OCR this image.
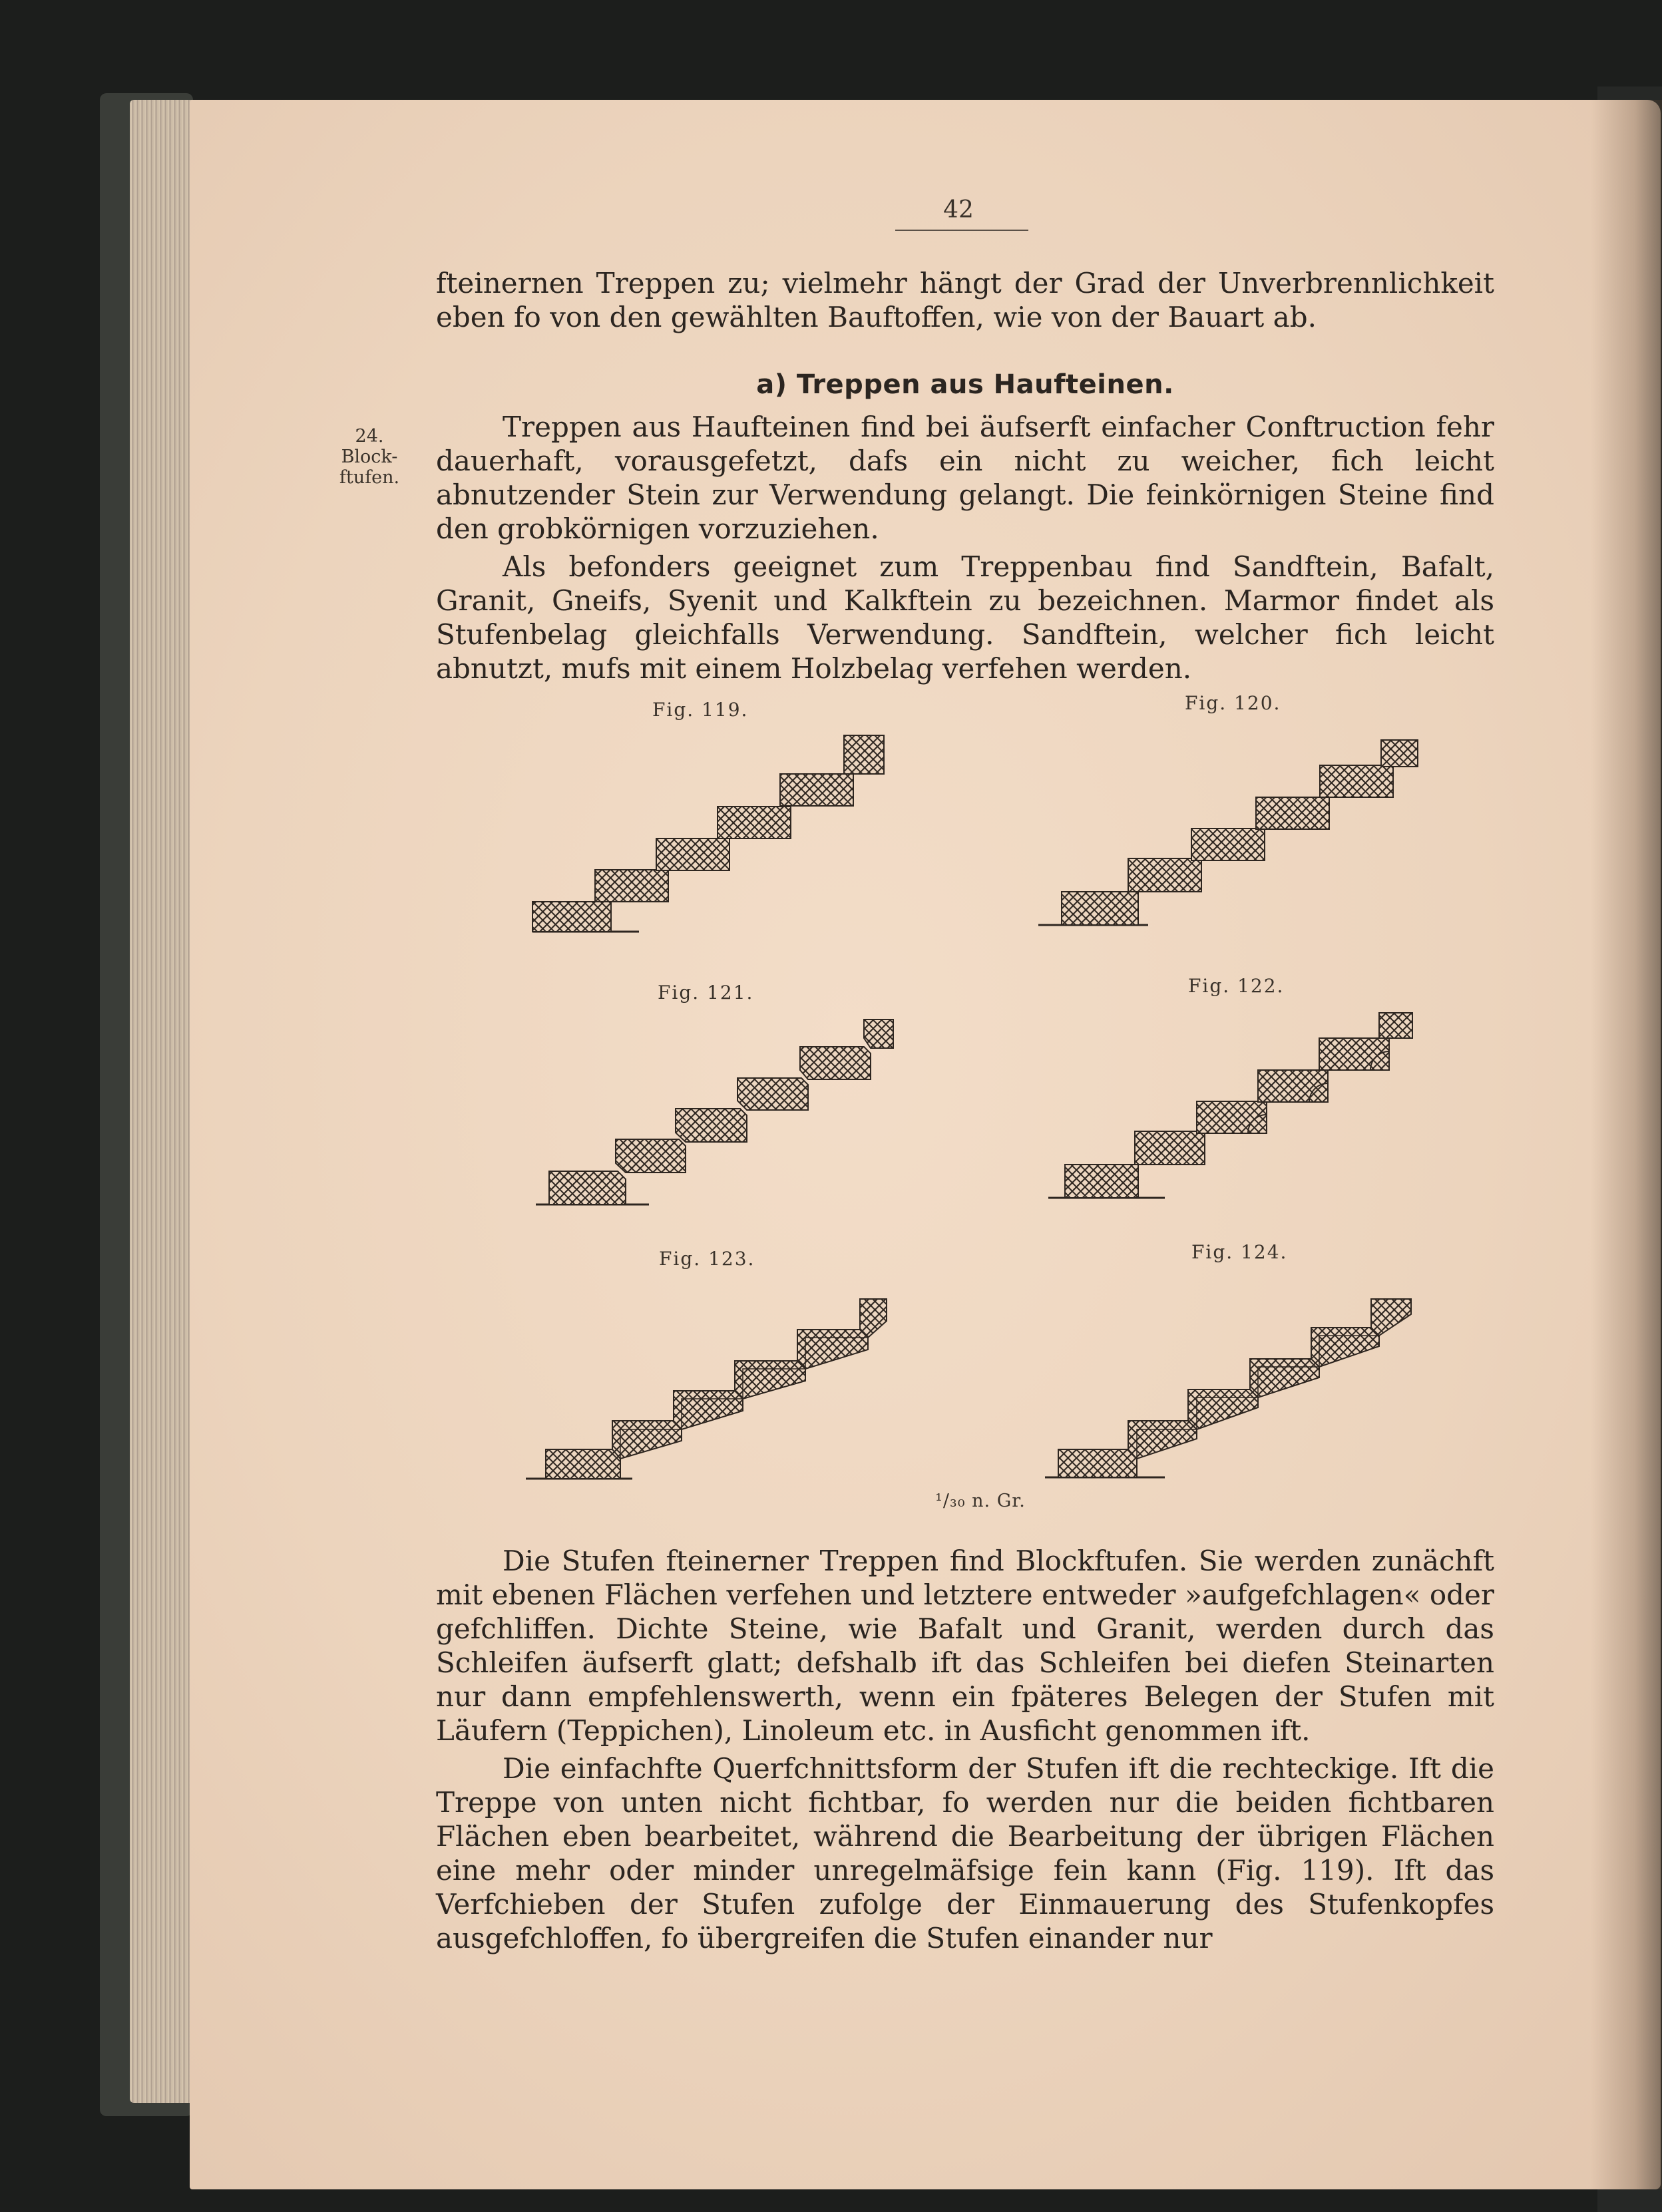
42

fteinernen Treppen zu; vielmehr hängt der Grad der Unverbrennlichkeit eben fo von den gewählten Bauftoffen, wie von der Bauart ab.

a) Treppen aus Haufteinen.
24.
Block-
ftufen.

Treppen aus Haufteinen find bei äufserft einfacher Conftruction fehr dauerhaft, vorausgefetzt, dafs ein nicht zu weicher, fich leicht abnutzender Stein zur Verwendung gelangt. Die feinkörnigen Steine find den grobkörnigen vorzuziehen.

Als befonders geeignet zum Treppenbau find Sandftein, Bafalt, Granit, Gneifs, Syenit und Kalkftein zu bezeichnen. Marmor findet als Stufenbelag gleichfalls Verwendung. Sandftein, welcher fich leicht abnutzt, mufs mit einem Holzbelag verfehen werden.

Fig. 119.	Fig. 120.
Fig. 121.	Fig. 122.
Fig. 123.	Fig. 124.
¹/₃₀ n. Gr.

Die Stufen fteinerner Treppen find Blockftufen. Sie werden zunächft mit ebenen Flächen verfehen und letztere entweder »aufgefchlagen« oder gefchliffen. Dichte Steine, wie Bafalt und Granit, werden durch das Schleifen äufserft glatt; defshalb ift das Schleifen bei diefen Steinarten nur dann empfehlenswerth, wenn ein fpäteres Belegen der Stufen mit Läufern (Teppichen), Linoleum etc. in Ausficht genommen ift.

Die einfachfte Querfchnittsform der Stufen ift die rechteckige. Ift die Treppe von unten nicht fichtbar, fo werden nur die beiden fichtbaren Flächen eben bearbeitet, während die Bearbeitung der übrigen Flächen eine mehr oder minder unregelmäfsige fein kann (Fig. 119). Ift das Verfchieben der Stufen zufolge der Einmauerung des Stufenkopfes ausgefchloffen, fo übergreifen die Stufen einander nur
